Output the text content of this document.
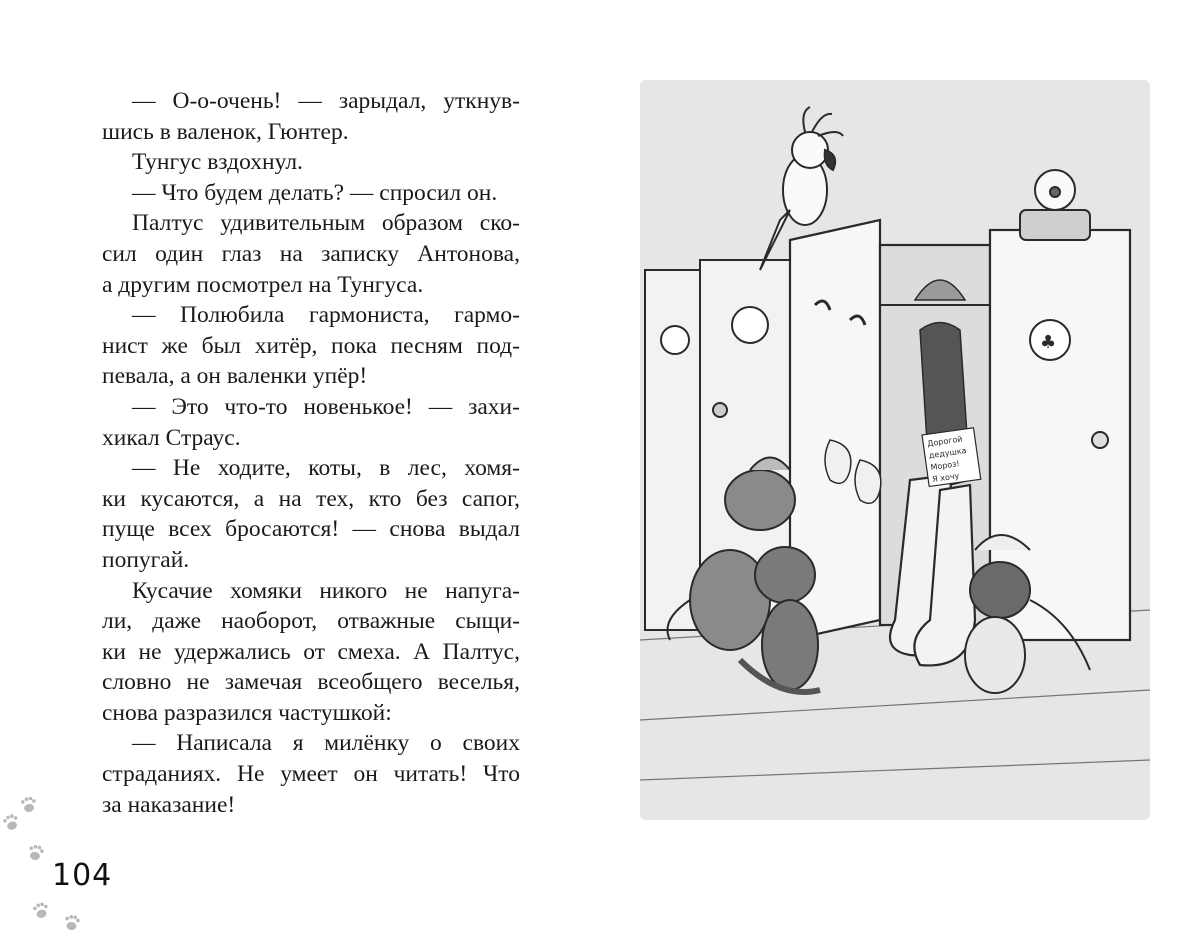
— О-о-очень! — зарыдал, уткнув-
шись в валенок, Гюнтер.
Тунгус вздохнул.
— Что будем делать? — спросил он.
Палтус удивительным образом ско-
сил один глаз на записку Антонова,
а другим посмотрел на Тунгуса.
— Полюбила гармониста, гармо-
нист же был хитёр, пока песням под-
певала, а он валенки упёр!
— Это что-то новенькое! — захи-
хикал Страус.
— Не ходите, коты, в лес, хомя-
ки кусаются, а на тех, кто без сапог,
пуще всех бросаются! — снова выдал
попугай.
Кусачие хомяки никого не напуга-
ли, даже наоборот, отважные сыщи-
ки не удержались от смеха. А Палтус,
словно не замечая всеобщего веселья,
снова разразился частушкой:
— Написала я милёнку о своих
страданиях. Не умеет он читать! Что
за наказание!
104
♣
Дорогой
дедушка
Мороз!
Я хочу
